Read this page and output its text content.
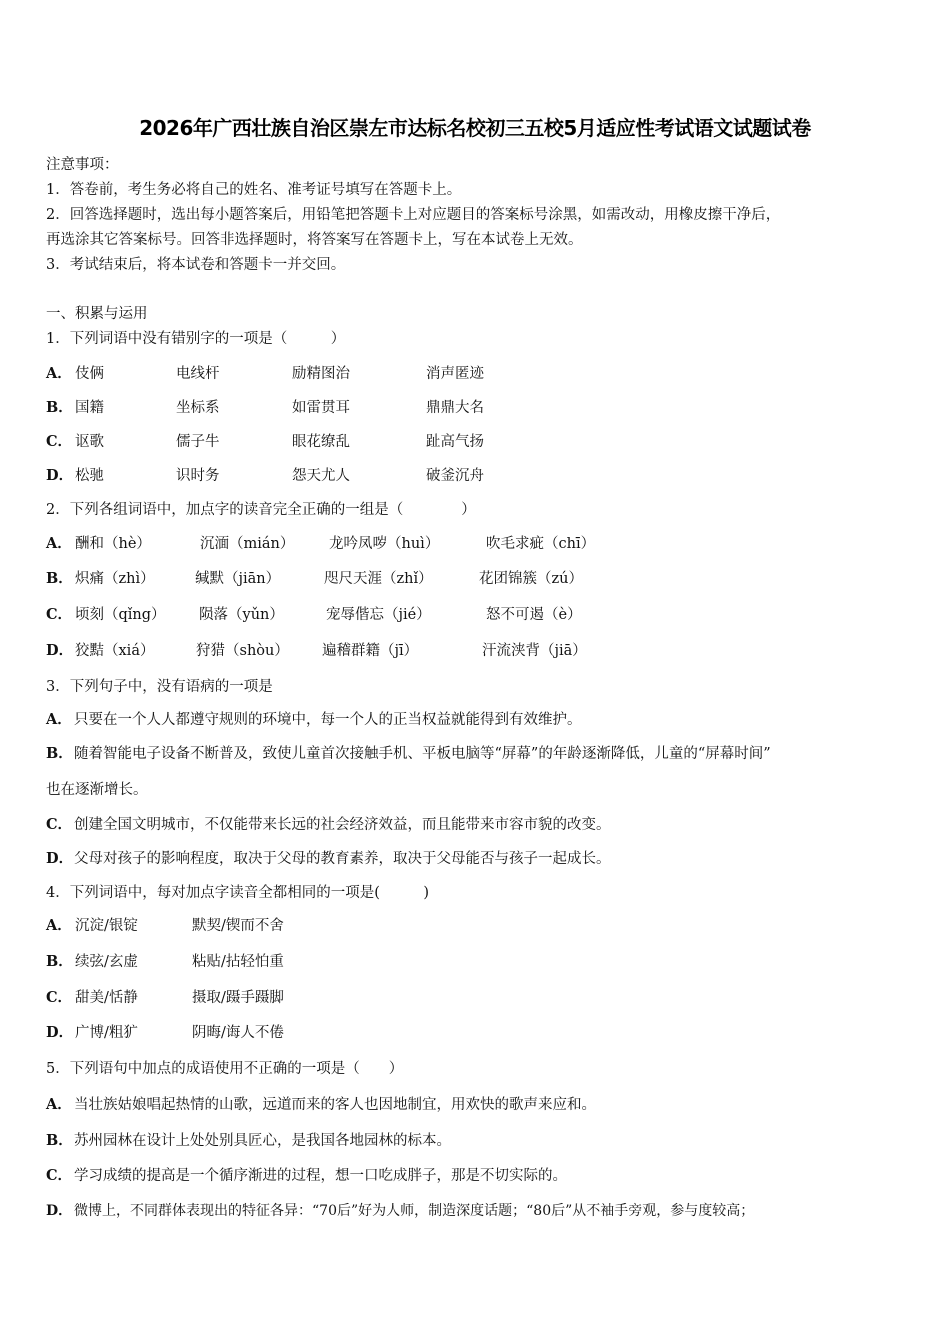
2026年广西壮族自治区崇左市达标名校初三五校5月适应性考试语文试题试卷
注意事项：
1．答卷前，考生务必将自己的姓名、准考证号填写在答题卡上。
2．回答选择题时，选出每小题答案后，用铅笔把答题卡上对应题目的答案标号涂黑，如需改动，用橡皮擦干净后，
再选涂其它答案标号。回答非选择题时，将答案写在答题卡上，写在本试卷上无效。
3．考试结束后，将本试卷和答题卡一并交回。
一、积累与运用
1．下列词语中没有错别字的一项是（　　　）
A． 伎俩	电线杆	励精图治	消声匿迹
B． 国籍	坐标系	如雷贯耳	鼎鼎大名
C． 讴歌	儒子牛	眼花缭乱	趾高气扬
D． 松驰	识时务	怨天尤人	破釜沉舟
2．下列各组词语中，加点字的读音完全正确的一组是（　　　　）
A． 酬和（hè）	沉湎（mián） 龙吟凤哕（huì）	吹毛求疵（chī）
B． 炽痛（zhì）	缄默（jiān）	咫尺天涯（zhǐ）	花团锦簇（zú）
C． 顷刻（qǐng） 陨落（yǔn）	宠辱偕忘（jié）	怒不可遏（è）
D． 狡黠（xiá）	狩猎（shòu） 遍稽群籍（jī）	汗流浃背（jiā）
3．下列句子中，没有语病的一项是
A． 只要在一个人人都遵守规则的环境中，每一个人的正当权益就能得到有效维护。
B．随着智能电子设备不断普及，致使儿童首次接触手机、平板电脑等“屏幕”的年龄逐渐降低，儿童的“屏幕时间”
也在逐渐增长。
C． 创建全国文明城市，不仅能带来长远的社会经济效益，而且能带来市容市貌的改变。
D．父母对孩子的影响程度，取决于父母的教育素养，取决于父母能否与孩子一起成长。
4．下列词语中，每对加点字读音全都相同的一项是(　　　)
A． 沉淀/银锭	默契/锲而不舍
B． 续弦/玄虚	粘贴/拈轻怕重
C． 甜美/恬静	摄取/蹑手蹑脚
D． 广博/粗犷	阴晦/诲人不倦
5．下列语句中加点的成语使用不正确的一项是（　　）
A． 当壮族姑娘唱起热情的山歌，远道而来的客人也因地制宜，用欢快的歌声来应和。
B．苏州园林在设计上处处别具匠心，是我国各地园林的标本。
C． 学习成绩的提高是一个循序渐进的过程，想一口吃成胖子，那是不切实际的。
D． 微博上，不同群体表现出的特征各异：“70后”好为人师，制造深度话题；“80后”从不袖手旁观，参与度较高；
